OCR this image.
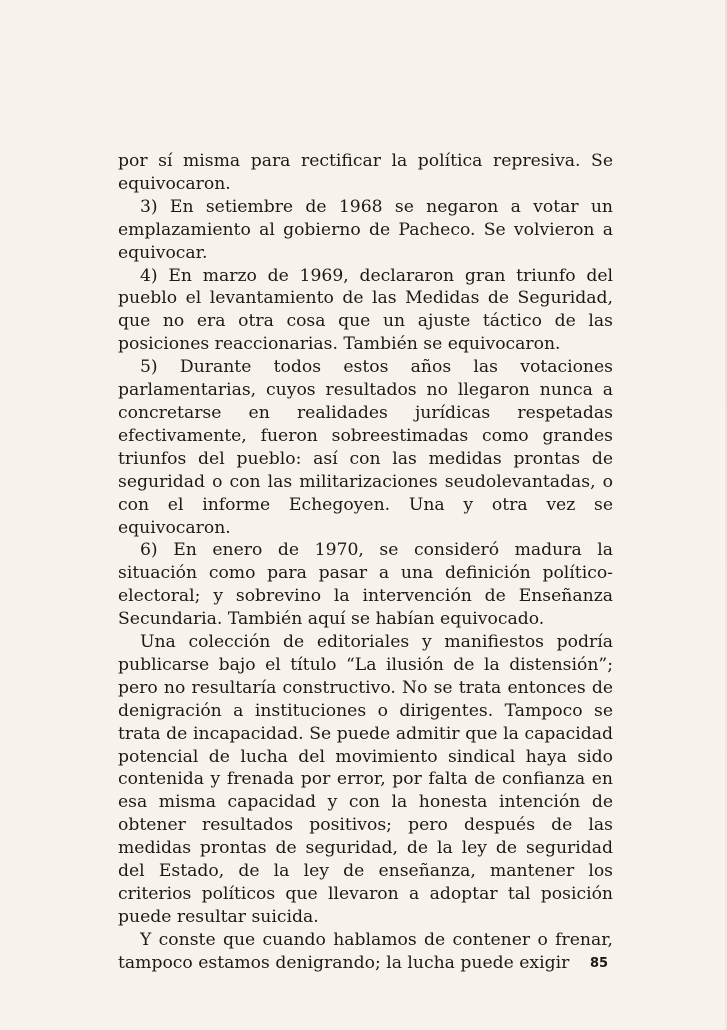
por sí misma para rectificar la política represiva. Se equivocaron.

3) En setiembre de 1968 se negaron a votar un emplazamiento al gobierno de Pacheco. Se volvieron a equivocar.

4) En marzo de 1969, declararon gran triunfo del pueblo el levantamiento de las Medidas de Seguridad, que no era otra cosa que un ajuste táctico de las posiciones reaccionarias. También se equivocaron.

5) Durante todos estos años las votaciones parlamentarias, cuyos resultados no llegaron nunca a concretarse en realidades jurídicas respetadas efectivamente, fueron sobreestimadas como grandes triunfos del pueblo: así con las medidas prontas de seguridad o con las militarizaciones seudolevantadas, o con el informe Echegoyen. Una y otra vez se equivocaron.

6) En enero de 1970, se consideró madura la situación como para pasar a una definición político-electoral; y sobrevino la intervención de Enseñanza Secundaria. También aquí se habían equivocado.

Una colección de editoriales y manifiestos podría publicarse bajo el título “La ilusión de la distensión”; pero no resultaría constructivo. No se trata entonces de denigración a instituciones o dirigentes. Tampoco se trata de incapacidad. Se puede admitir que la capacidad potencial de lucha del movimiento sindical haya sido contenida y frenada por error, por falta de confianza en esa misma capacidad y con la honesta intención de obtener resultados positivos; pero después de las medidas prontas de seguridad, de la ley de seguridad del Estado, de la ley de enseñanza, mantener los criterios políticos que llevaron a adoptar tal posición puede resultar suicida.

Y conste que cuando hablamos de contener o frenar, tampoco estamos denigrando; la lucha puede exigir	85
